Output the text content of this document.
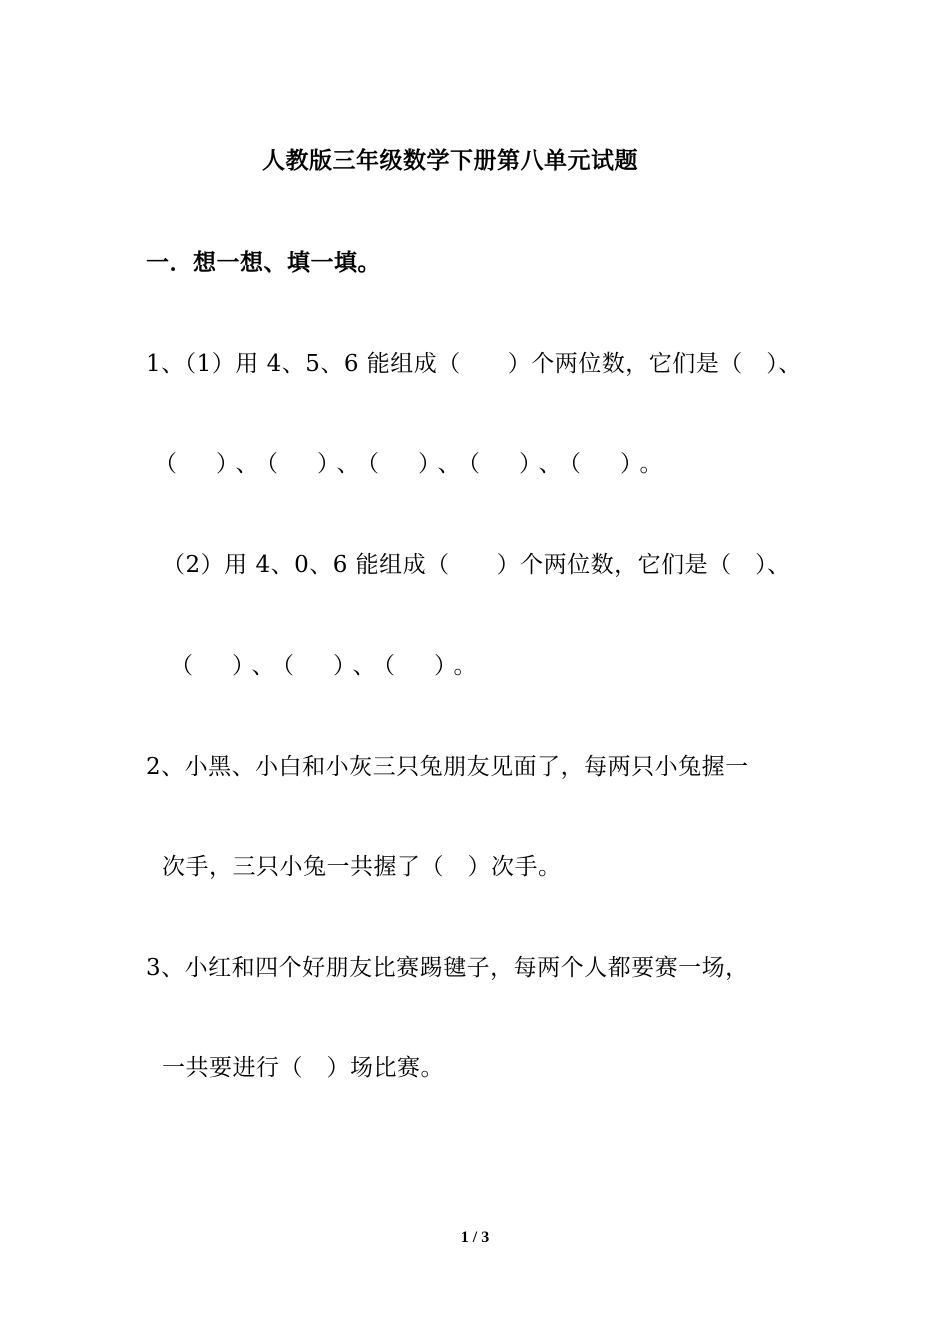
人教版三年级数学下册第八单元试题
一．想一想、填一填。
1、（1）用 4、5、6 能组成（　　）个两位数，它们是（　）、
（　）、（　）、（　）、（　）、（　）。
（2）用 4、0、6 能组成（　　）个两位数，它们是（　）、
（　）、（　）、（　）。
2、小黑、小白和小灰三只兔朋友见面了，每两只小兔握一
次手，三只小兔一共握了（　）次手。
3、小红和四个好朋友比赛踢毽子，每两个人都要赛一场，
一共要进行（　）场比赛。
1 / 3
